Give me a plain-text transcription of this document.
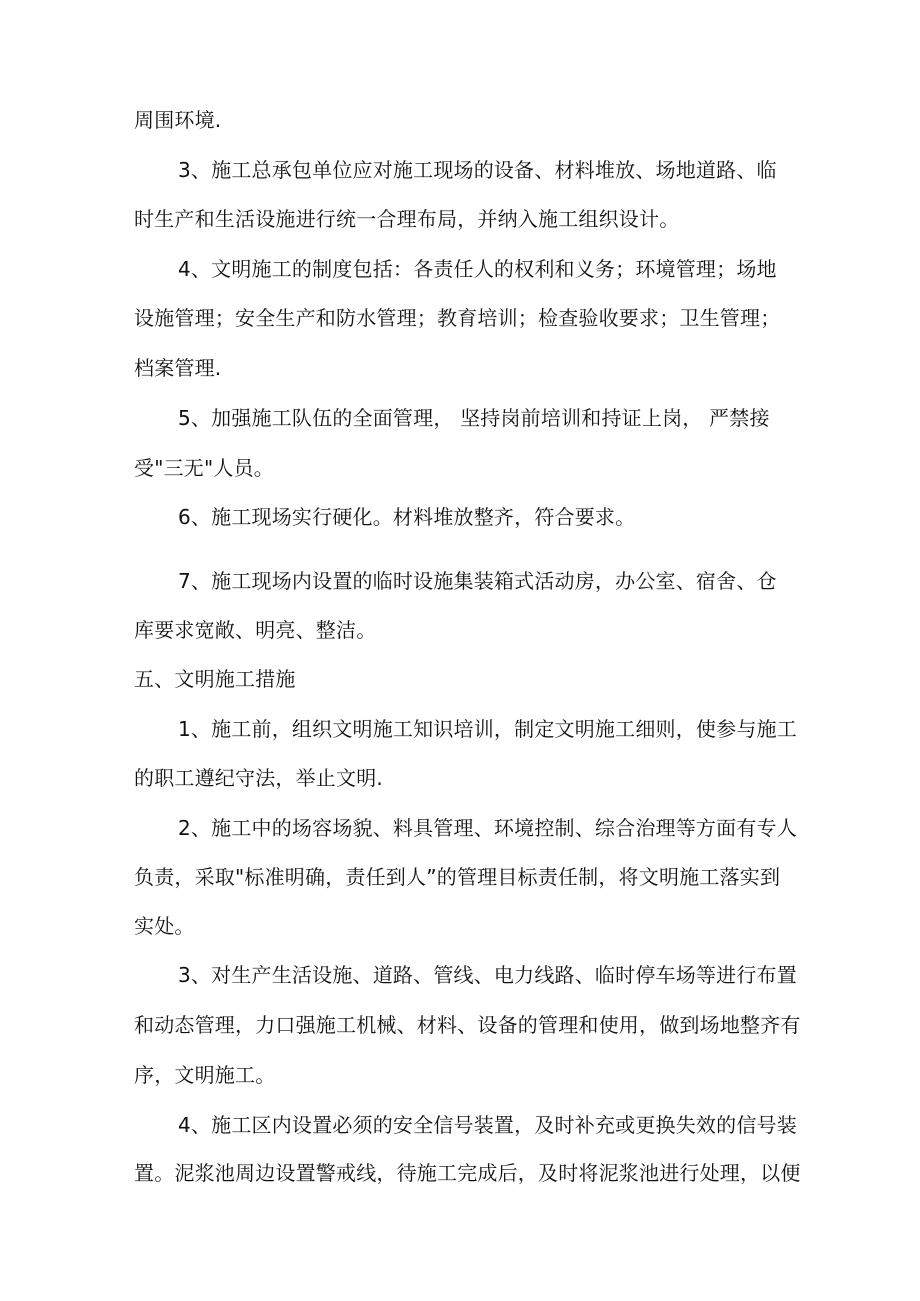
周围环境.
3、施工总承包单位应对施工现场的设备、材料堆放、场地道路、临
时生产和生活设施进行统一合理布局，并纳入施工组织设计。
4、文明施工的制度包括：各责任人的权利和义务；环境管理；场地
设施管理；安全生产和防水管理；教育培训；检查验收要求；卫生管理；
档案管理.
5、加强施工队伍的全面管理， 坚持岗前培训和持证上岗， 严禁接
受"三无"人员。
6、施工现场实行硬化。材料堆放整齐，符合要求。
7、施工现场内设置的临时设施集装箱式活动房，办公室、宿舍、仓
库要求宽敞、明亮、整洁。
五、文明施工措施
1、施工前，组织文明施工知识培训，制定文明施工细则，使参与施工
的职工遵纪守法，举止文明.
2、施工中的场容场貌、料具管理、环境控制、综合治理等方面有专人
负责，采取"标准明确，责任到人”的管理目标责任制，将文明施工落实到
实处。
3、对生产生活设施、道路、管线、电力线路、临时停车场等进行布置
和动态管理，力口强施工机械、材料、设备的管理和使用，做到场地整齐有
序，文明施工。
4、施工区内设置必须的安全信号装置，及时补充或更换失效的信号装
置。泥浆池周边设置警戒线，待施工完成后，及时将泥浆池进行处理，以便
